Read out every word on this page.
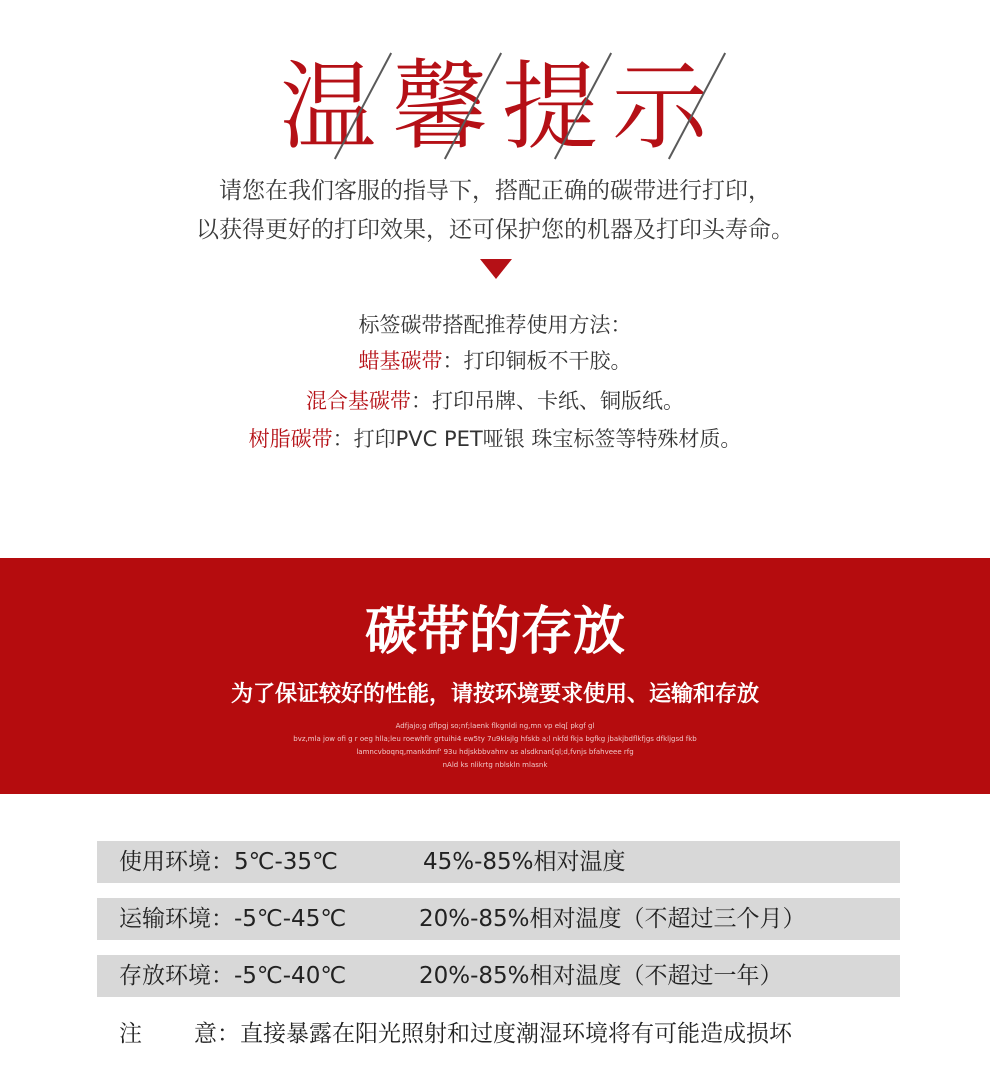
温 馨 提 示
请您在我们客服的指导下，搭配正确的碳带进行打印，
以获得更好的打印效果，还可保护您的机器及打印头寿命。
标签碳带搭配推荐使用方法：
蜡基碳带：打印铜板不干胶。
混合基碳带：打印吊牌、卡纸、铜版纸。
树脂碳带：打印PVC PET哑银 珠宝标签等特殊材质。
碳带的存放
为了保证较好的性能，请按环境要求使用、运输和存放
Adfjajo;g dflpgj so;nf;laenk flkgnldi ng,mn vp elq[ pkgf gl
bvz,mla jow ofi g r oeg hlla;leu roewhflr grtuihi4 ew5ty 7u9klsjlg hfskb a;l nkfd fkja bgfkg jbakjbdflkfjgs dfkljgsd fkb
lamncvboqnq,mankdmf' 93u hdjskbbvahnv as alsdknan[ql;d,fvnjs bfahveee rfg
nAld ks nlikrtg nblskln mlasnk
使用环境：5℃-35℃	45%-85%相对温度
运输环境：-5℃-45℃	20%-85%相对温度（不超过三个月）
存放环境：-5℃-40℃	20%-85%相对温度（不超过一年）
注 意：直接暴露在阳光照射和过度潮湿环境将有可能造成损坏
